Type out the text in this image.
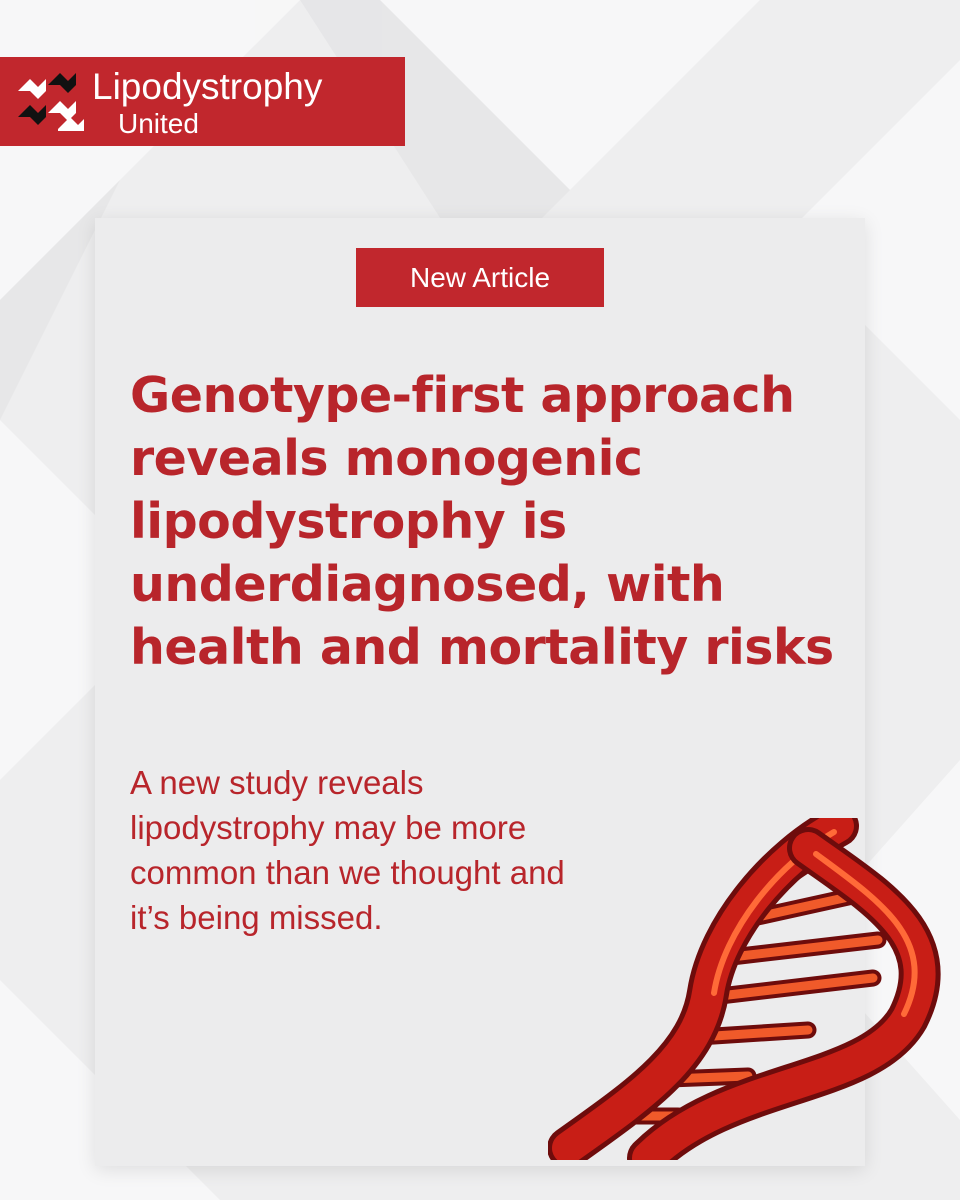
Lipodystrophy
United
New Article
Genotype-first approach
reveals monogenic
lipodystrophy is
underdiagnosed, with
health and mortality risks

A new study reveals
lipodystrophy may be more
common than we thought and
it’s being missed.
